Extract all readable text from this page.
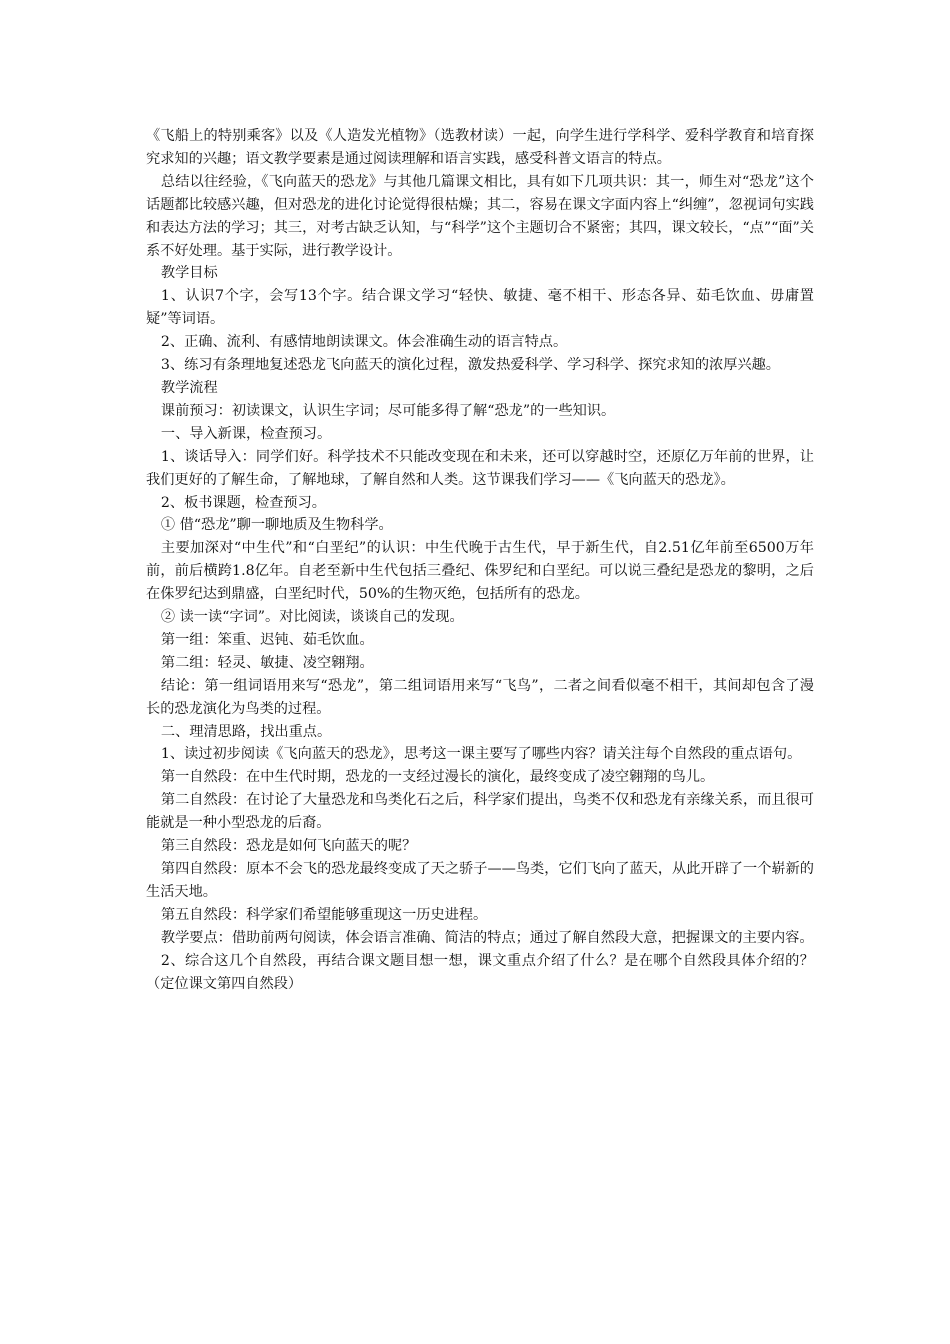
《飞船上的特别乘客》以及《人造发光植物》（选教材读）一起，向学生进行学科学、爱科学教育和培育探究求知的兴趣；语文教学要素是通过阅读理解和语言实践，感受科普文语言的特点。

总结以往经验，《飞向蓝天的恐龙》与其他几篇课文相比，具有如下几项共识：其一，师生对“恐龙”这个话题都比较感兴趣，但对恐龙的进化讨论觉得很枯燥；其二，容易在课文字面内容上“纠缠”，忽视词句实践和表达方法的学习；其三，对考古缺乏认知，与“科学”这个主题切合不紧密；其四，课文较长，“点”“面”关系不好处理。基于实际，进行教学设计。

教学目标

1、认识7个字，会写13个字。结合课文学习“轻快、敏捷、毫不相干、形态各异、茹毛饮血、毋庸置疑”等词语。

2、正确、流利、有感情地朗读课文。体会准确生动的语言特点。

3、练习有条理地复述恐龙飞向蓝天的演化过程，激发热爱科学、学习科学、探究求知的浓厚兴趣。

教学流程

课前预习：初读课文，认识生字词；尽可能多得了解“恐龙”的一些知识。

一、导入新课，检查预习。

1、谈话导入：同学们好。科学技术不只能改变现在和未来，还可以穿越时空，还原亿万年前的世界，让我们更好的了解生命，了解地球，了解自然和人类。这节课我们学习——《飞向蓝天的恐龙》。

2、板书课题，检查预习。

① 借“恐龙”聊一聊地质及生物科学。

主要加深对“中生代”和“白垩纪”的认识：中生代晚于古生代，早于新生代，自2.51亿年前至6500万年前，前后横跨1.8亿年。自老至新中生代包括三叠纪、侏罗纪和白垩纪。可以说三叠纪是恐龙的黎明，之后在侏罗纪达到鼎盛，白垩纪时代，50%的生物灭绝，包括所有的恐龙。

② 读一读“字词”。对比阅读，谈谈自己的发现。

第一组：笨重、迟钝、茹毛饮血。

第二组：轻灵、敏捷、凌空翱翔。

结论：第一组词语用来写“恐龙”，第二组词语用来写“飞鸟”，二者之间看似毫不相干，其间却包含了漫长的恐龙演化为鸟类的过程。

二、理清思路，找出重点。

1、读过初步阅读《飞向蓝天的恐龙》，思考这一课主要写了哪些内容？请关注每个自然段的重点语句。

第一自然段：在中生代时期，恐龙的一支经过漫长的演化，最终变成了凌空翱翔的鸟儿。

第二自然段：在讨论了大量恐龙和鸟类化石之后，科学家们提出，鸟类不仅和恐龙有亲缘关系，而且很可能就是一种小型恐龙的后裔。

第三自然段：恐龙是如何飞向蓝天的呢？

第四自然段：原本不会飞的恐龙最终变成了天之骄子——鸟类，它们飞向了蓝天，从此开辟了一个崭新的生活天地。

第五自然段：科学家们希望能够重现这一历史进程。

教学要点：借助前两句阅读，体会语言准确、简洁的特点；通过了解自然段大意，把握课文的主要内容。

2、综合这几个自然段，再结合课文题目想一想，课文重点介绍了什么？是在哪个自然段具体介绍的？（定位课文第四自然段）
